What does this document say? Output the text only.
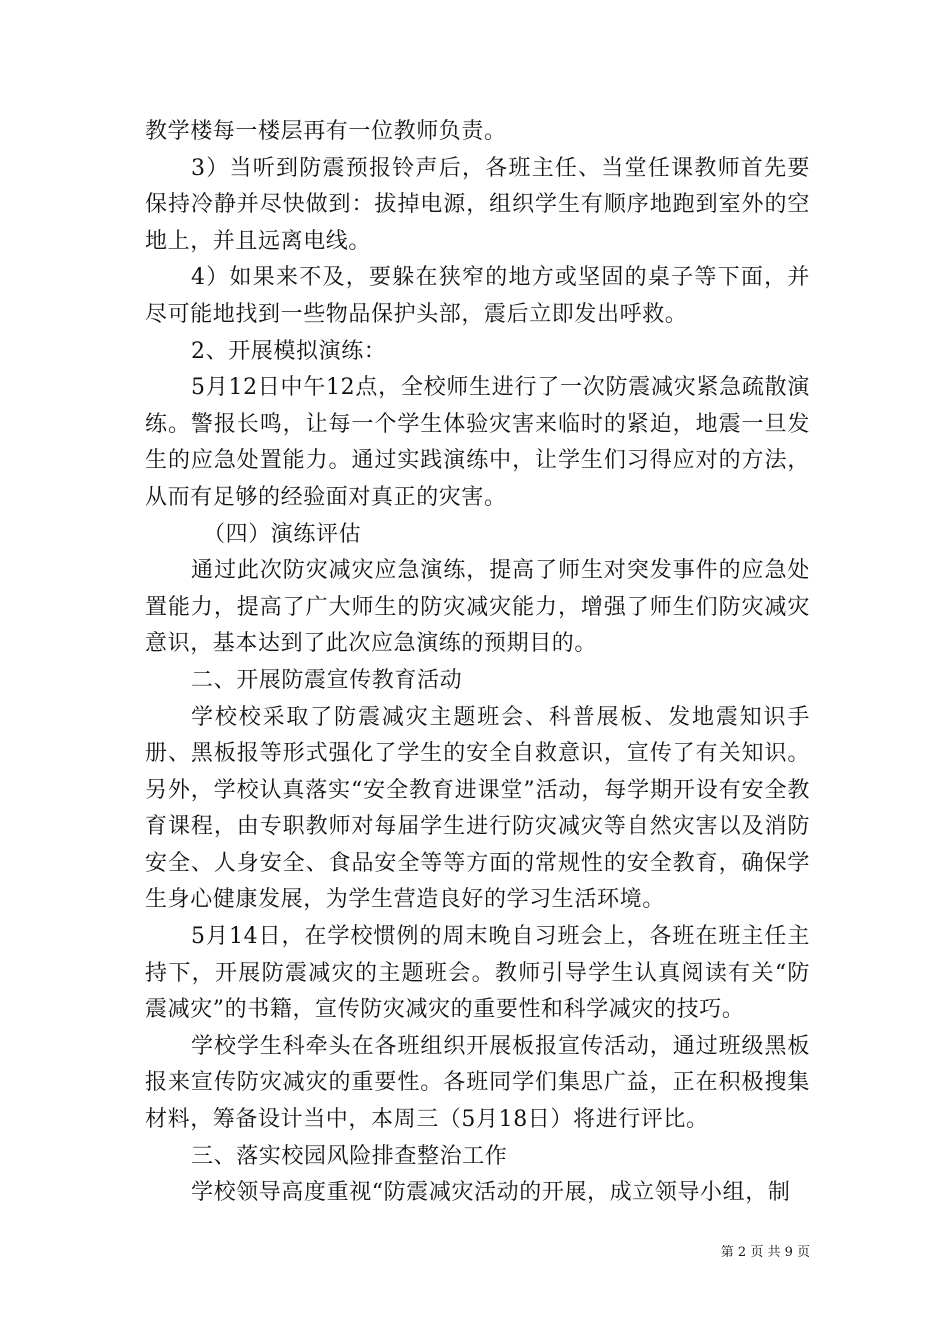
教学楼每一楼层再有一位教师负责。

3）当听到防震预报铃声后，各班主任、当堂任课教师首先要保持冷静并尽快做到：拔掉电源，组织学生有顺序地跑到室外的空地上，并且远离电线。

4）如果来不及，要躲在狭窄的地方或坚固的桌子等下面，并尽可能地找到一些物品保护头部，震后立即发出呼救。

2、开展模拟演练：

5月12日中午12点，全校师生进行了一次防震减灾紧急疏散演练。警报长鸣，让每一个学生体验灾害来临时的紧迫，地震一旦发生的应急处置能力。通过实践演练中，让学生们习得应对的方法，从而有足够的经验面对真正的灾害。

（四）演练评估

通过此次防灾减灾应急演练，提高了师生对突发事件的应急处置能力，提高了广大师生的防灾减灾能力，增强了师生们防灾减灾意识，基本达到了此次应急演练的预期目的。

二、开展防震宣传教育活动

学校校采取了防震减灾主题班会、科普展板、发地震知识手册、黑板报等形式强化了学生的安全自救意识，宣传了有关知识。另外，学校认真落实“安全教育进课堂”活动，每学期开设有安全教育课程，由专职教师对每届学生进行防灾减灾等自然灾害以及消防安全、人身安全、食品安全等等方面的常规性的安全教育，确保学生身心健康发展，为学生营造良好的学习生活环境。

5月14日，在学校惯例的周末晚自习班会上，各班在班主任主持下，开展防震减灾的主题班会。教师引导学生认真阅读有关“防震减灾”的书籍，宣传防灾减灾的重要性和科学减灾的技巧。

学校学生科牵头在各班组织开展板报宣传活动，通过班级黑板报来宣传防灾减灾的重要性。各班同学们集思广益，正在积极搜集材料，筹备设计当中，本周三（5月18日）将进行评比。

三、落实校园风险排查整治工作

学校领导高度重视“防震减灾活动的开展，成立领导小组，制

第 2 页 共 9 页
